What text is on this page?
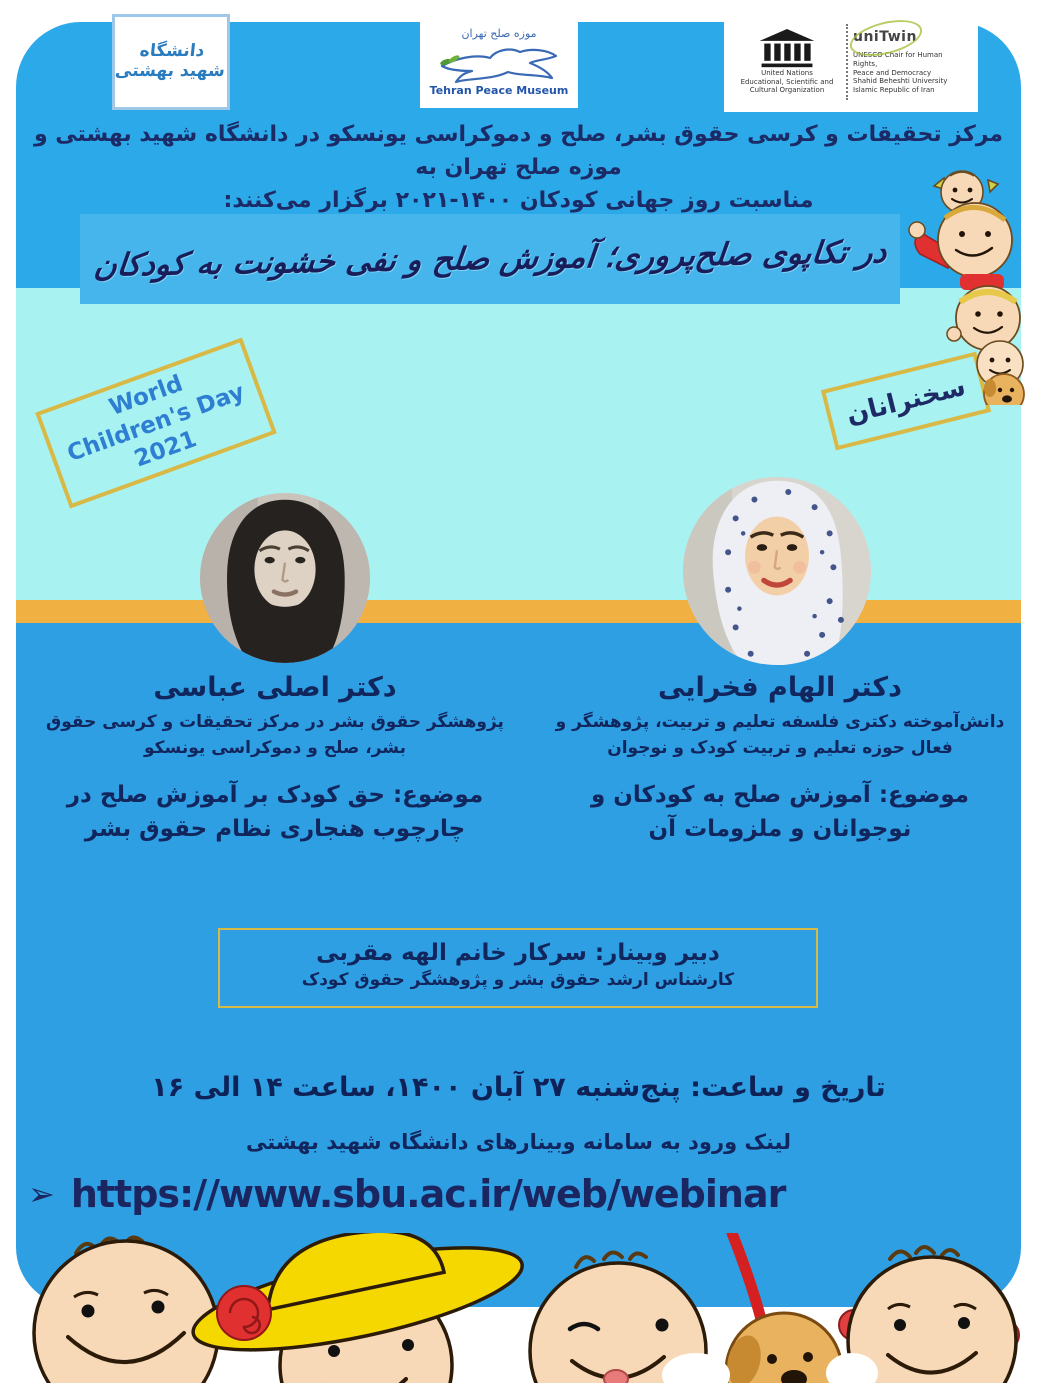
دانشگاه شهید بهشتی
موزه صلح تهران
Tehran Peace Museum
United Nations
Educational, Scientific and
Cultural Organization
uniTwin
UNESCO Chair for Human Rights,
Peace and Democracy
Shahid Beheshti University
Islamic Republic of Iran
مرکز تحقیقات و کرسی حقوق بشر، صلح و دموکراسی یونسکو در دانشگاه شهید بهشتی و موزه صلح تهران به
مناسبت روز جهانی کودکان ۱۴۰۰-۲۰۲۱ برگزار می‌کنند:
در تکاپوی صلح‌پروری؛ آموزش صلح و نفی خشونت به کودکان
World Children's Day 2021
سخنرانان
دکتر الهام فخرایی
دانش‌آموخته دکتری فلسفه تعلیم و تربیت، پژوهشگر و فعال حوزه تعلیم و تربیت کودک و نوجوان
موضوع: آموزش صلح به کودکان و نوجوانان و ملزومات آن
دکتر اصلی عباسی
پژوهشگر حقوق بشر در مرکز تحقیقات و کرسی حقوق بشر، صلح و دموکراسی یونسکو
موضوع: حق کودک بر آموزش صلح در چارچوب هنجاری نظام حقوق بشر
دبیر وبینار: سرکار خانم الهه مقربی
کارشناس ارشد حقوق بشر و پژوهشگر حقوق کودک
تاریخ و ساعت: پنج‌شنبه ۲۷ آبان ۱۴۰۰، ساعت ۱۴ الی ۱۶
لینک ورود به سامانه وبینارهای دانشگاه شهید بهشتی
➢ https://www.sbu.ac.ir/web/webinar
